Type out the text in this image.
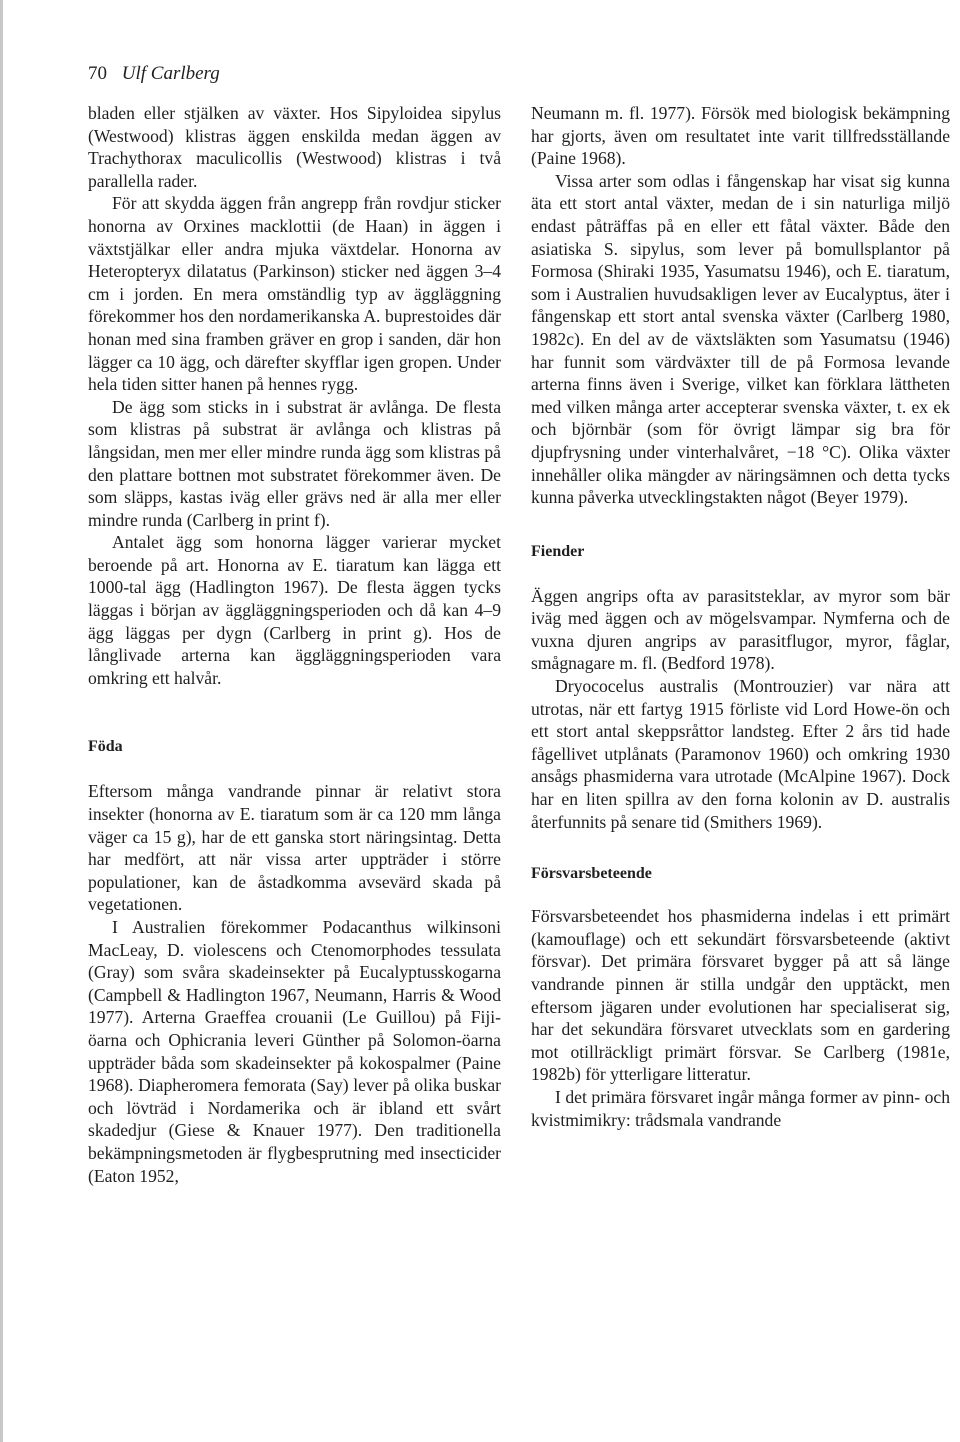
70 Ulf Carlberg

bladen eller stjälken av växter. Hos Sipyloidea sipylus (Westwood) klistras äggen enskilda medan äggen av Trachythorax maculicollis (Westwood) klistras i två parallella rader.

För att skydda äggen från angrepp från rovdjur sticker honorna av Orxines macklottii (de Haan) in äggen i växtstjälkar eller andra mjuka växtdelar. Honorna av Heteropteryx dilatatus (Parkinson) sticker ned äggen 3–4 cm i jorden. En mera omständlig typ av äggläggning förekommer hos den nordamerikanska A. buprestoides där honan med sina framben gräver en grop i sanden, där hon lägger ca 10 ägg, och därefter skyfflar igen gropen. Under hela tiden sitter hanen på hennes rygg.

De ägg som sticks in i substrat är avlånga. De flesta som klistras på substrat är avlånga och klistras på långsidan, men mer eller mindre runda ägg som klistras på den plattare bottnen mot substratet förekommer även. De som släpps, kastas iväg eller grävs ned är alla mer eller mindre runda (Carlberg in print f).

Antalet ägg som honorna lägger varierar mycket beroende på art. Honorna av E. tiaratum kan lägga ett 1000-tal ägg (Hadlington 1967). De flesta äggen tycks läggas i början av äggläggningsperioden och då kan 4–9 ägg läggas per dygn (Carlberg in print g). Hos de långlivade arterna kan äggläggningsperioden vara omkring ett halvår.

Föda

Eftersom många vandrande pinnar är relativt stora insekter (honorna av E. tiaratum som är ca 120 mm långa väger ca 15 g), har de ett ganska stort näringsintag. Detta har medfört, att när vissa arter uppträder i större populationer, kan de åstadkomma avsevärd skada på vegetationen.

I Australien förekommer Podacanthus wilkinsoni MacLeay, D. violescens och Ctenomorphodes tessulata (Gray) som svåra skadeinsekter på Eucalyptusskogarna (Campbell & Hadlington 1967, Neumann, Harris & Wood 1977). Arterna Graeffea crouanii (Le Guillou) på Fiji-öarna och Ophicrania leveri Günther på Solomon-öarna uppträder båda som skadeinsekter på kokospalmer (Paine 1968). Diapheromera femorata (Say) lever på olika buskar och lövträd i Nordamerika och är ibland ett svårt skadedjur (Giese & Knauer 1977). Den traditionella bekämpningsmetoden är flygbesprutning med insecticider (Eaton 1952,

Neumann m. fl. 1977). Försök med biologisk bekämpning har gjorts, även om resultatet inte varit tillfredsställande (Paine 1968).

Vissa arter som odlas i fångenskap har visat sig kunna äta ett stort antal växter, medan de i sin naturliga miljö endast påträffas på en eller ett fåtal växter. Både den asiatiska S. sipylus, som lever på bomullsplantor på Formosa (Shiraki 1935, Yasumatsu 1946), och E. tiaratum, som i Australien huvudsakligen lever av Eucalyptus, äter i fångenskap ett stort antal svenska växter (Carlberg 1980, 1982c). En del av de växtsläkten som Yasumatsu (1946) har funnit som värdväxter till de på Formosa levande arterna finns även i Sverige, vilket kan förklara lättheten med vilken många arter accepterar svenska växter, t. ex ek och björnbär (som för övrigt lämpar sig bra för djupfrysning under vinterhalvåret, −18 °C). Olika växter innehåller olika mängder av näringsämnen och detta tycks kunna påverka utvecklingstakten något (Beyer 1979).

Fiender

Äggen angrips ofta av parasitsteklar, av myror som bär iväg med äggen och av mögelsvampar. Nymferna och de vuxna djuren angrips av parasitflugor, myror, fåglar, smågnagare m. fl. (Bedford 1978).

Dryococelus australis (Montrouzier) var nära att utrotas, när ett fartyg 1915 förliste vid Lord Howe-ön och ett stort antal skeppsråttor landsteg. Efter 2 års tid hade fågellivet utplånats (Paramonov 1960) och omkring 1930 ansågs phasmiderna vara utrotade (McAlpine 1967). Dock har en liten spillra av den forna kolonin av D. australis återfunnits på senare tid (Smithers 1969).

Försvarsbeteende

Försvarsbeteendet hos phasmiderna indelas i ett primärt (kamouflage) och ett sekundärt försvarsbeteende (aktivt försvar). Det primära försvaret bygger på att så länge vandrande pinnen är stilla undgår den upptäckt, men eftersom jägaren under evolutionen har specialiserat sig, har det sekundära försvaret utvecklats som en gardering mot otillräckligt primärt försvar. Se Carlberg (1981e, 1982b) för ytterligare litteratur.

I det primära försvaret ingår många former av pinn- och kvistmimikry: trådsmala vandrande
